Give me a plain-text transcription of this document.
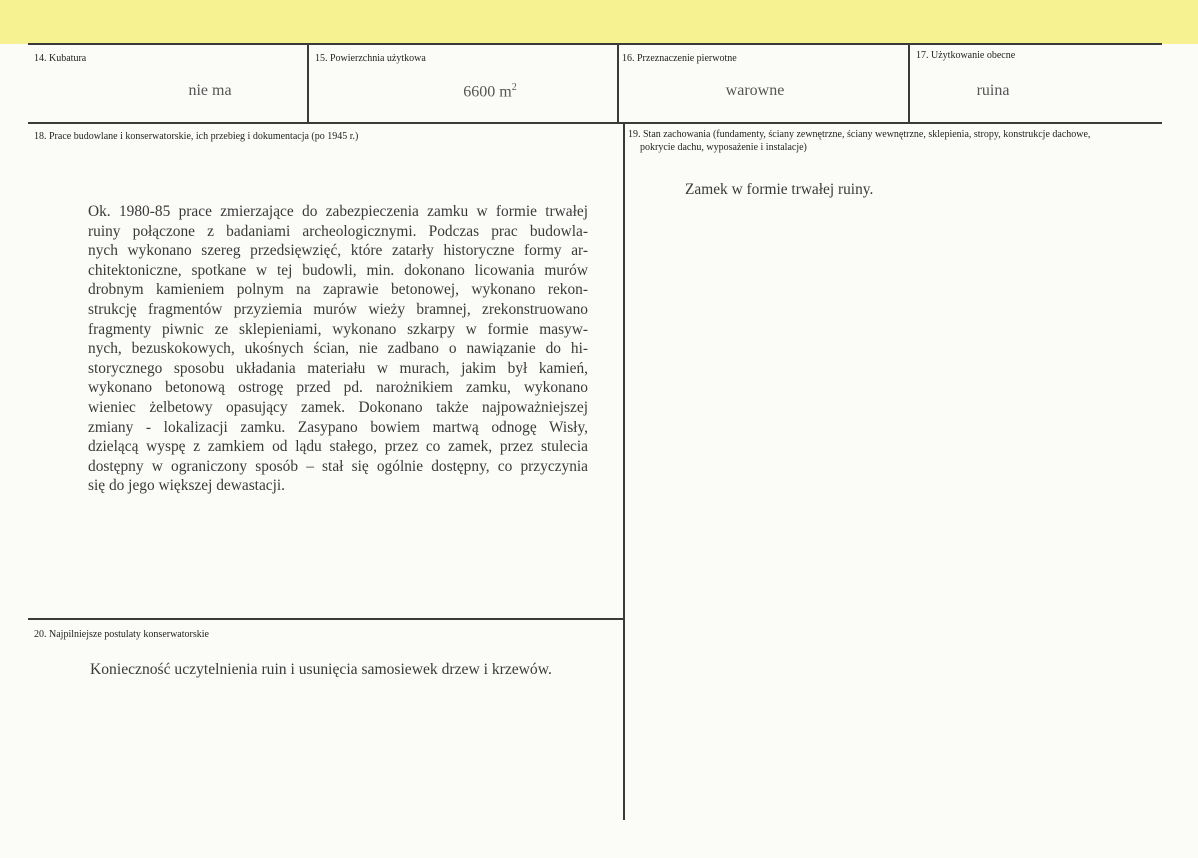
14. Kubatura
nie ma
15. Powierzchnia użytkowa
6600 $m^2$
16. Przeznaczenie pierwotne
warowne
17. Użytkowanie obecne
ruina
18. Prace budowlane i konserwatorskie, ich przebieg i dokumentacja (po 1945 r.)
Ok. 1980-85 prace zmierzające do zabezpieczenia zamku w formie trwałej
ruiny połączone z badaniami archeologicznymi. Podczas prac budowla-
nych wykonano szereg przedsięwzięć, które zatarły historyczne formy ar-
chitektoniczne, spotkane w tej budowli, min. dokonano licowania murów
drobnym kamieniem polnym na zaprawie betonowej, wykonano rekon-
strukcję fragmentów przyziemia murów wieży bramnej, zrekonstruowano
fragmenty piwnic ze sklepieniami, wykonano szkarpy w formie masyw-
nych, bezuskokowych, ukośnych ścian, nie zadbano o nawiązanie do hi-
storycznego sposobu układania materiału w murach, jakim był kamień,
wykonano betonową ostrogę przed pd. narożnikiem zamku, wykonano
wieniec żelbetowy opasujący zamek. Dokonano także najpoważniejszej
zmiany - lokalizacji zamku. Zasypano bowiem martwą odnogę Wisły,
dzielącą wyspę z zamkiem od lądu stałego, przez co zamek, przez stulecia
dostępny w ograniczony sposób – stał się ogólnie dostępny, co przyczynia
się do jego większej dewastacji.
19. Stan zachowania (fundamenty, ściany zewnętrzne, ściany wewnętrzne, sklepienia, stropy, konstrukcje dachowe,
pokrycie dachu, wyposażenie i instalacje)
Zamek w formie trwałej ruiny.
20. Najpilniejsze postulaty konserwatorskie
Konieczność uczytelnienia ruin i usunięcia samosiewek drzew i krzewów.
